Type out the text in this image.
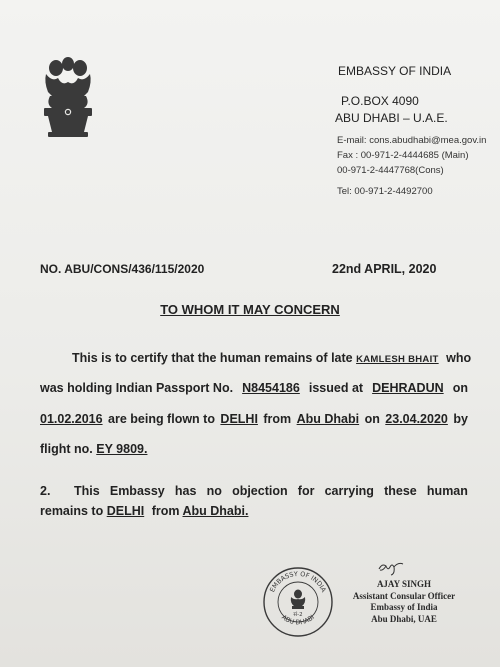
EMBASSY OF INDIA
P.O.BOX 4090
ABU DHABI – U.A.E.
E-mail: cons.abudhabi@mea.gov.in
Fax : 00-971-2-4444685 (Main)
00-971-2-4447768(Cons)
Tel: 00-971-2-4492700
NO. ABU/CONS/436/115/2020	22nd APRIL, 2020
TO WHOM IT MAY CONCERN
This is to certify that the human remains of late KAMLESH BHAIT who
was holding Indian Passport No. N8454186 issued at DEHRADUN on
01.02.2016 are being flown to DELHI from Abu Dhabi on 23.04.2020 by
flight no. EY 9809.
2. This Embassy has no objection for carrying these human
remains to DELHI from Abu Dhabi.
EMBASSY OF INDIA
ABU DHABI
सं-2
AJAY SINGH
Assistant Consular Officer
Embassy of India
Abu Dhabi, UAE
